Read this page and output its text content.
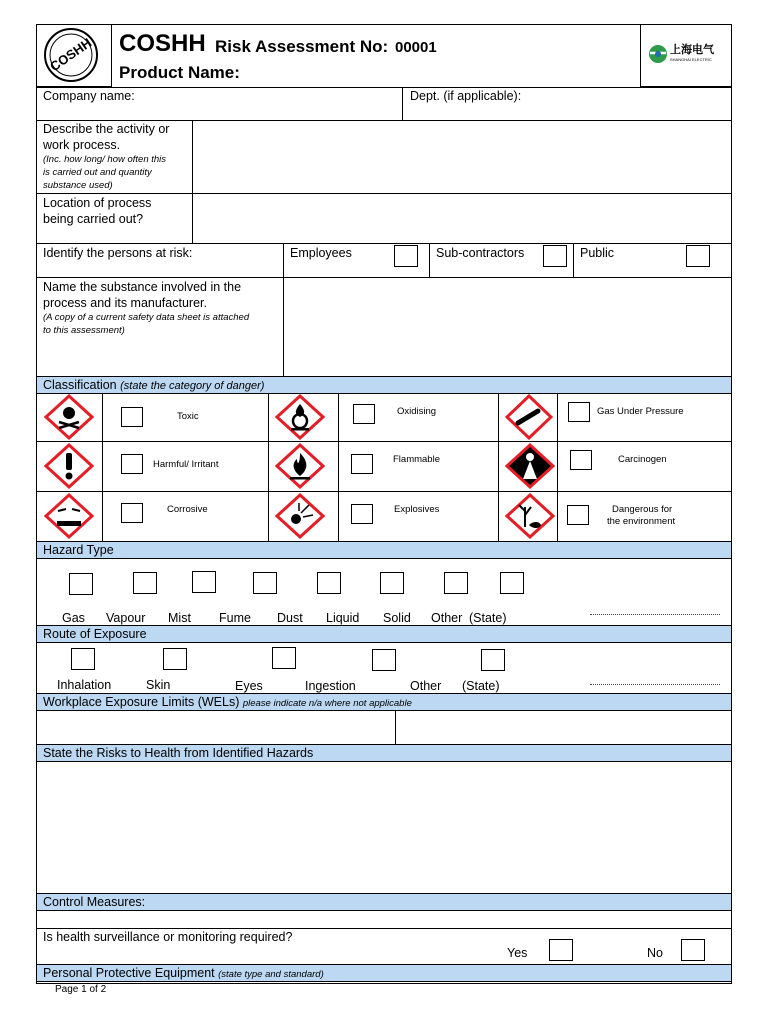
COSHH COSHH Risk Assessment No: 00001
Product Name:
上海电气
SHANGHAI ELECTRIC
Company name:	Dept. (if applicable):
Describe the activity or
work process.
(Inc. how long/ how often this
is carried out and quantity
substance used)
Location of process
being carried out?
Identify the persons at risk:	Employees	Sub-contractors	Public
Name the substance involved in the
process and its manufacturer.
(A copy of a current safety data sheet is attached
to this assessment)
Classification (state the category of danger)
Toxic	Oxidising	Gas Under Pressure
Harmful/ Irritant	Flammable	Carcinogen
Corrosive	Explosives	Dangerous for
the environment
Hazard Type
Gas Vapour Mist Fume Dust Liquid Solid Other (State)
Route of Exposure
Inhalation	Skin	Eyes	Ingestion	Other (State)
Workplace Exposure Limits (WELs) please indicate n/a where not applicable
State the Risks to Health from Identified Hazards
Control Measures:
Is health surveillance or monitoring required?
Yes	No
Personal Protective Equipment (state type and standard)
Page 1 of 2
